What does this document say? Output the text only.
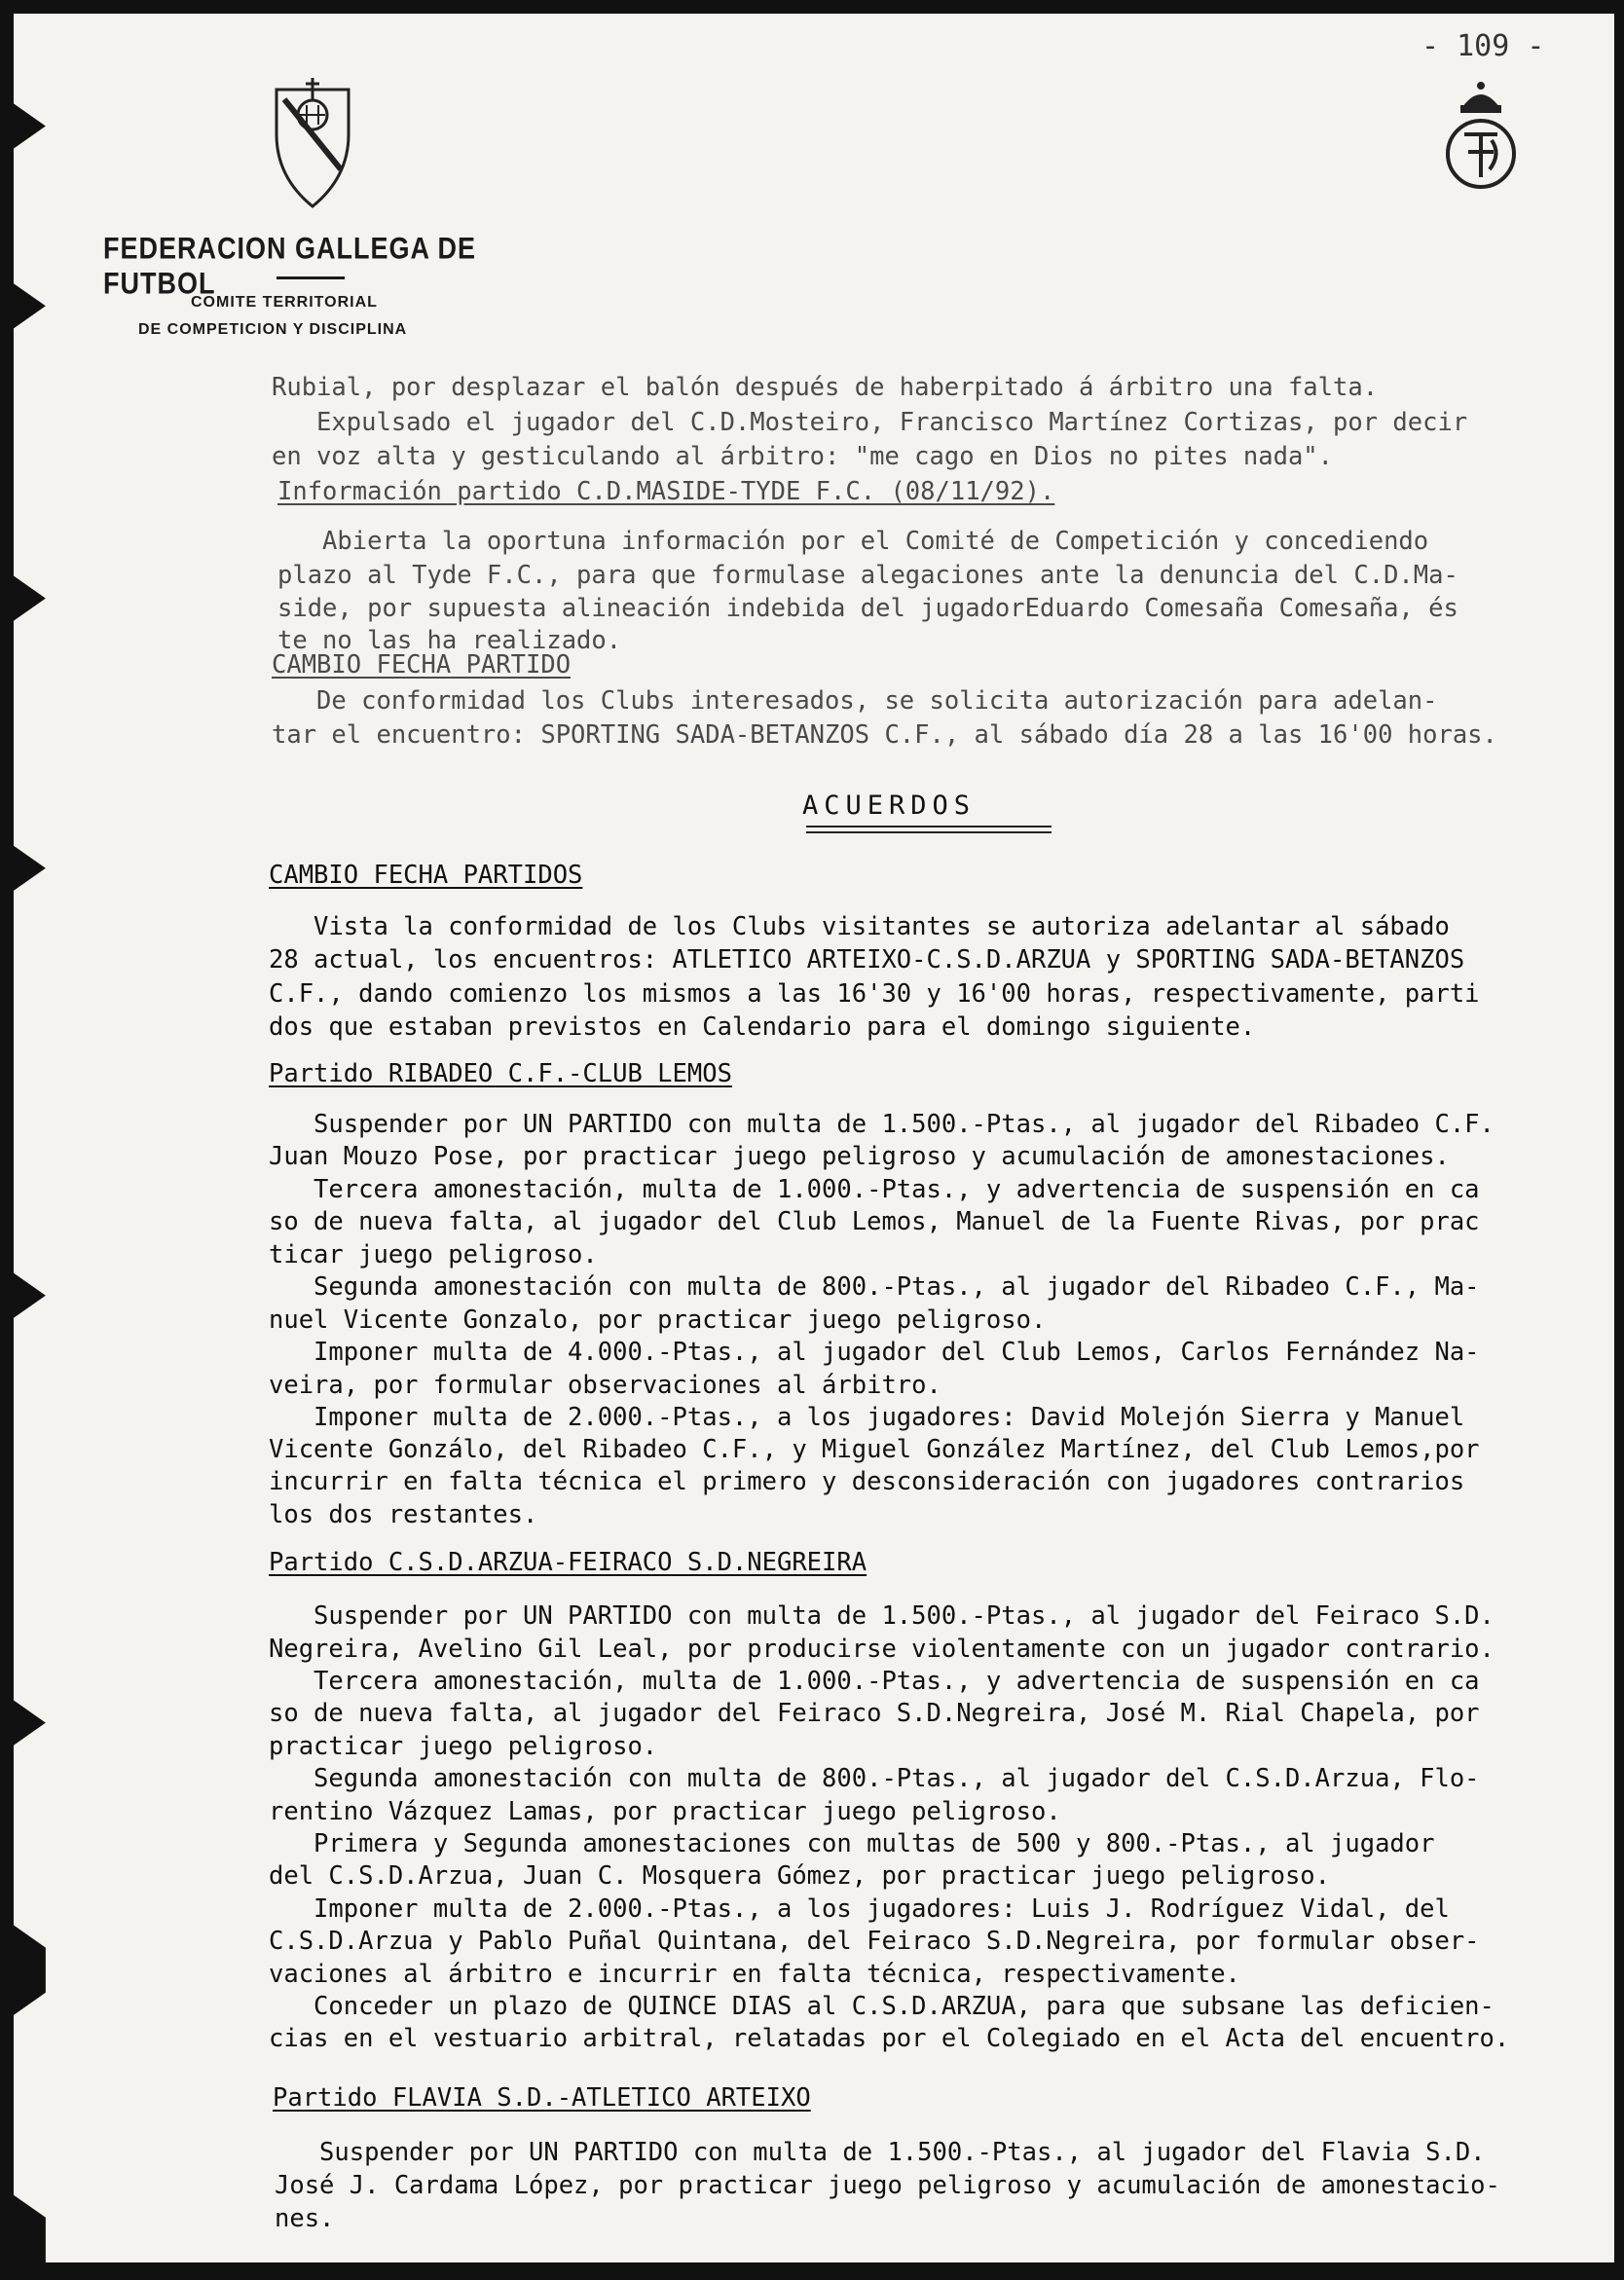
- 109 -
FEDERACION GALLEGA DE FUTBOL
COMITE TERRITORIAL
DE COMPETICION Y DISCIPLINA
Rubial, por desplazar el balón después de haberpitado á árbitro una falta.
Expulsado el jugador del C.D.Mosteiro, Francisco Martínez Cortizas, por decir
en voz alta y gesticulando al árbitro: "me cago en Dios no pites nada".
Información partido C.D.MASIDE-TYDE F.C. (08/11/92).
Abierta la oportuna información por el Comité de Competición y concediendo
plazo al Tyde F.C., para que formulase alegaciones ante la denuncia del C.D.Ma-
side, por supuesta alineación indebida del jugadorEduardo Comesaña Comesaña, és
te no las ha realizado.
CAMBIO FECHA PARTIDO
De conformidad los Clubs interesados, se solicita autorización para adelan-
tar el encuentro: SPORTING SADA-BETANZOS C.F., al sábado día 28 a las 16'00 horas.
ACUERDOS
CAMBIO FECHA PARTIDOS
Vista la conformidad de los Clubs visitantes se autoriza adelantar al sábado
28 actual, los encuentros: ATLETICO ARTEIXO-C.S.D.ARZUA y SPORTING SADA-BETANZOS
C.F., dando comienzo los mismos a las 16'30 y 16'00 horas, respectivamente, parti
dos que estaban previstos en Calendario para el domingo siguiente.
Partido RIBADEO C.F.-CLUB LEMOS
Suspender por UN PARTIDO con multa de 1.500.-Ptas., al jugador del Ribadeo C.F.
Juan Mouzo Pose, por practicar juego peligroso y acumulación de amonestaciones.
Tercera amonestación, multa de 1.000.-Ptas., y advertencia de suspensión en ca
so de nueva falta, al jugador del Club Lemos, Manuel de la Fuente Rivas, por prac
ticar juego peligroso.
Segunda amonestación con multa de 800.-Ptas., al jugador del Ribadeo C.F., Ma-
nuel Vicente Gonzalo, por practicar juego peligroso.
Imponer multa de 4.000.-Ptas., al jugador del Club Lemos, Carlos Fernández Na-
veira, por formular observaciones al árbitro.
Imponer multa de 2.000.-Ptas., a los jugadores: David Molejón Sierra y Manuel
Vicente Gonzálo, del Ribadeo C.F., y Miguel González Martínez, del Club Lemos,por
incurrir en falta técnica el primero y desconsideración con jugadores contrarios
los dos restantes.
Partido C.S.D.ARZUA-FEIRACO S.D.NEGREIRA
Suspender por UN PARTIDO con multa de 1.500.-Ptas., al jugador del Feiraco S.D.
Negreira, Avelino Gil Leal, por producirse violentamente con un jugador contrario.
Tercera amonestación, multa de 1.000.-Ptas., y advertencia de suspensión en ca
so de nueva falta, al jugador del Feiraco S.D.Negreira, José M. Rial Chapela, por
practicar juego peligroso.
Segunda amonestación con multa de 800.-Ptas., al jugador del C.S.D.Arzua, Flo-
rentino Vázquez Lamas, por practicar juego peligroso.
Primera y Segunda amonestaciones con multas de 500 y 800.-Ptas., al jugador
del C.S.D.Arzua, Juan C. Mosquera Gómez, por practicar juego peligroso.
Imponer multa de 2.000.-Ptas., a los jugadores: Luis J. Rodríguez Vidal, del
C.S.D.Arzua y Pablo Puñal Quintana, del Feiraco S.D.Negreira, por formular obser-
vaciones al árbitro e incurrir en falta técnica, respectivamente.
Conceder un plazo de QUINCE DIAS al C.S.D.ARZUA, para que subsane las deficien-
cias en el vestuario arbitral, relatadas por el Colegiado en el Acta del encuentro.
Partido FLAVIA S.D.-ATLETICO ARTEIXO
Suspender por UN PARTIDO con multa de 1.500.-Ptas., al jugador del Flavia S.D.
José J. Cardama López, por practicar juego peligroso y acumulación de amonestacio-
nes.
